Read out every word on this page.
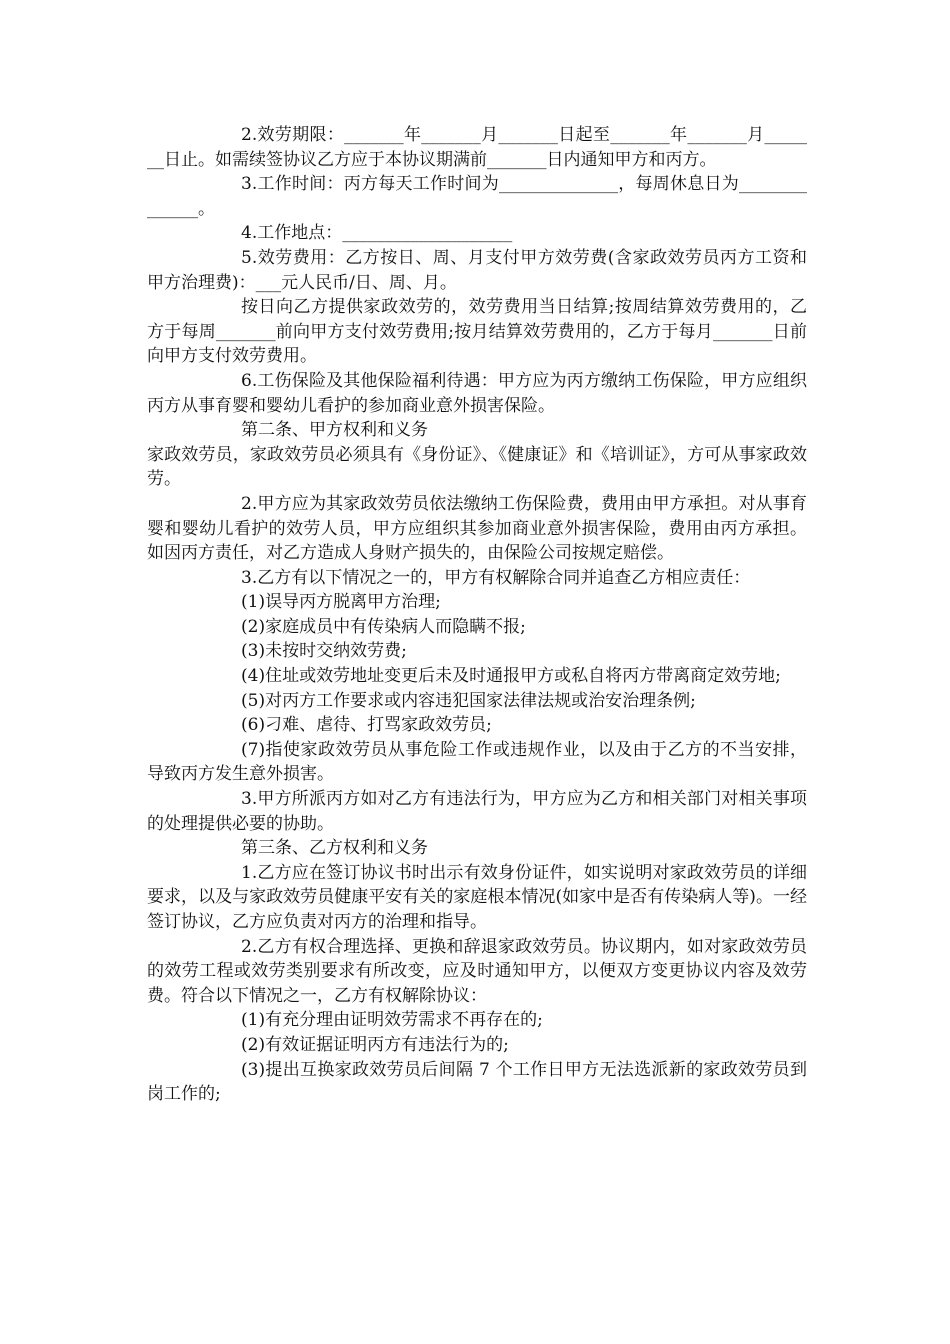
2.效劳期限：_______年_______月_______日起至_______年_______月_______日止。如需续签协议乙方应于本协议期满前_______日内通知甲方和丙方。

3.工作时间：丙方每天工作时间为______________，每周休息日为______________。

4.工作地点：____________________

5.效劳费用：乙方按日、周、月支付甲方效劳费(含家政效劳员丙方工资和甲方治理费)：___元人民币/日、周、月。

按日向乙方提供家政效劳的，效劳费用当日结算;按周结算效劳费用的，乙方于每周_______前向甲方支付效劳费用;按月结算效劳费用的，乙方于每月_______日前向甲方支付效劳费用。

6.工伤保险及其他保险福利待遇：甲方应为丙方缴纳工伤保险，甲方应组织丙方从事育婴和婴幼儿看护的参加商业意外损害保险。

第二条、甲方权利和义务

家政效劳员，家政效劳员必须具有《身份证》、《健康证》和《培训证》，方可从事家政效劳。

2.甲方应为其家政效劳员依法缴纳工伤保险费，费用由甲方承担。对从事育婴和婴幼儿看护的效劳人员，甲方应组织其参加商业意外损害保险，费用由丙方承担。如因丙方责任，对乙方造成人身财产损失的，由保险公司按规定赔偿。

3.乙方有以下情况之一的，甲方有权解除合同并追查乙方相应责任：

(1)误导丙方脱离甲方治理;

(2)家庭成员中有传染病人而隐瞒不报;

(3)未按时交纳效劳费;

(4)住址或效劳地址变更后未及时通报甲方或私自将丙方带离商定效劳地;

(5)对丙方工作要求或内容违犯国家法律法规或治安治理条例;

(6)刁难、虐待、打骂家政效劳员;

(7)指使家政效劳员从事危险工作或违规作业，以及由于乙方的不当安排，导致丙方发生意外损害。

3.甲方所派丙方如对乙方有违法行为，甲方应为乙方和相关部门对相关事项的处理提供必要的协助。

第三条、乙方权利和义务

1.乙方应在签订协议书时出示有效身份证件，如实说明对家政效劳员的详细要求，以及与家政效劳员健康平安有关的家庭根本情况(如家中是否有传染病人等)。一经签订协议，乙方应负责对丙方的治理和指导。

2.乙方有权合理选择、更换和辞退家政效劳员。协议期内，如对家政效劳员的效劳工程或效劳类别要求有所改变，应及时通知甲方，以便双方变更协议内容及效劳费。符合以下情况之一，乙方有权解除协议：

(1)有充分理由证明效劳需求不再存在的;

(2)有效证据证明丙方有违法行为的;

(3)提出互换家政效劳员后间隔 7 个工作日甲方无法选派新的家政效劳员到岗工作的;
